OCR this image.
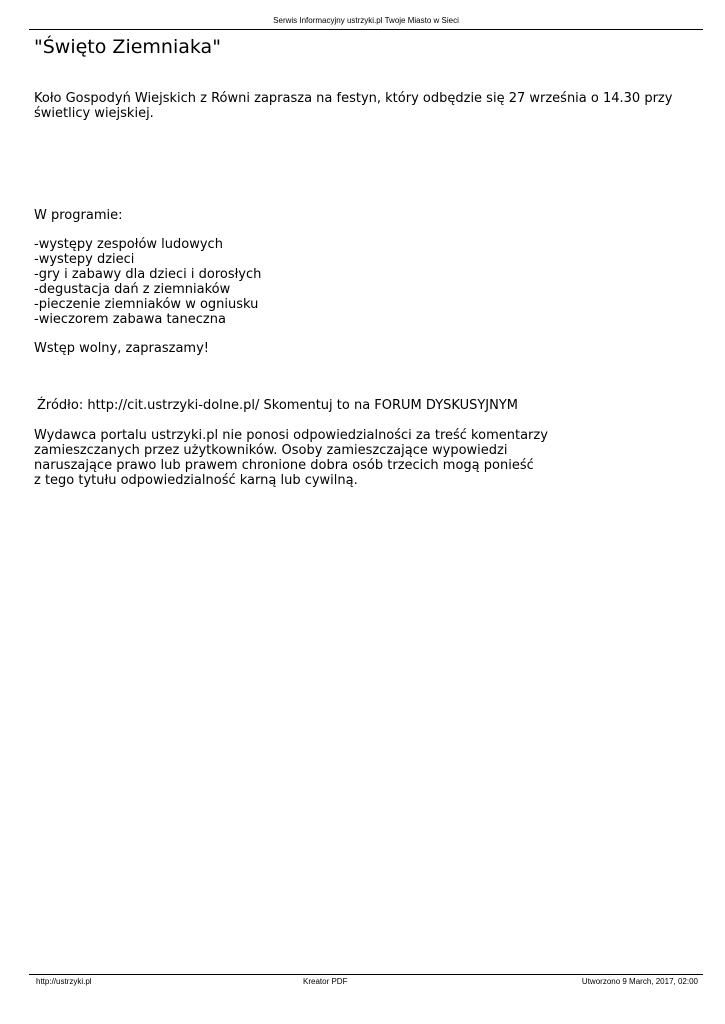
Serwis Informacyjny ustrzyki.pl Twoje Miasto w Sieci
"Święto Ziemniaka"

Koło Gospodyń Wiejskich z Równi zaprasza na festyn, który odbędzie się 27 września o 14.30 przy
świetlicy wiejskiej.

W programie:

-występy zespołów ludowych
-wystepy dzieci
-gry i zabawy dla dzieci i dorosłych
-degustacja dań z ziemniaków
-pieczenie ziemniaków w ogniusku
-wieczorem zabawa taneczna

Wstęp wolny, zapraszamy!

Źródło: http://cit.ustrzyki-dolne.pl/ Skomentuj to na FORUM DYSKUSYJNYM

Wydawca portalu ustrzyki.pl nie ponosi odpowiedzialności za treść komentarzy
zamieszczanych przez użytkowników. Osoby zamieszczające wypowiedzi
naruszające prawo lub prawem chronione dobra osób trzecich mogą ponieść
z tego tytułu odpowiedzialność karną lub cywilną.

http://ustrzyki.pl	Kreator PDF	Utworzono 9 March, 2017, 02:00
